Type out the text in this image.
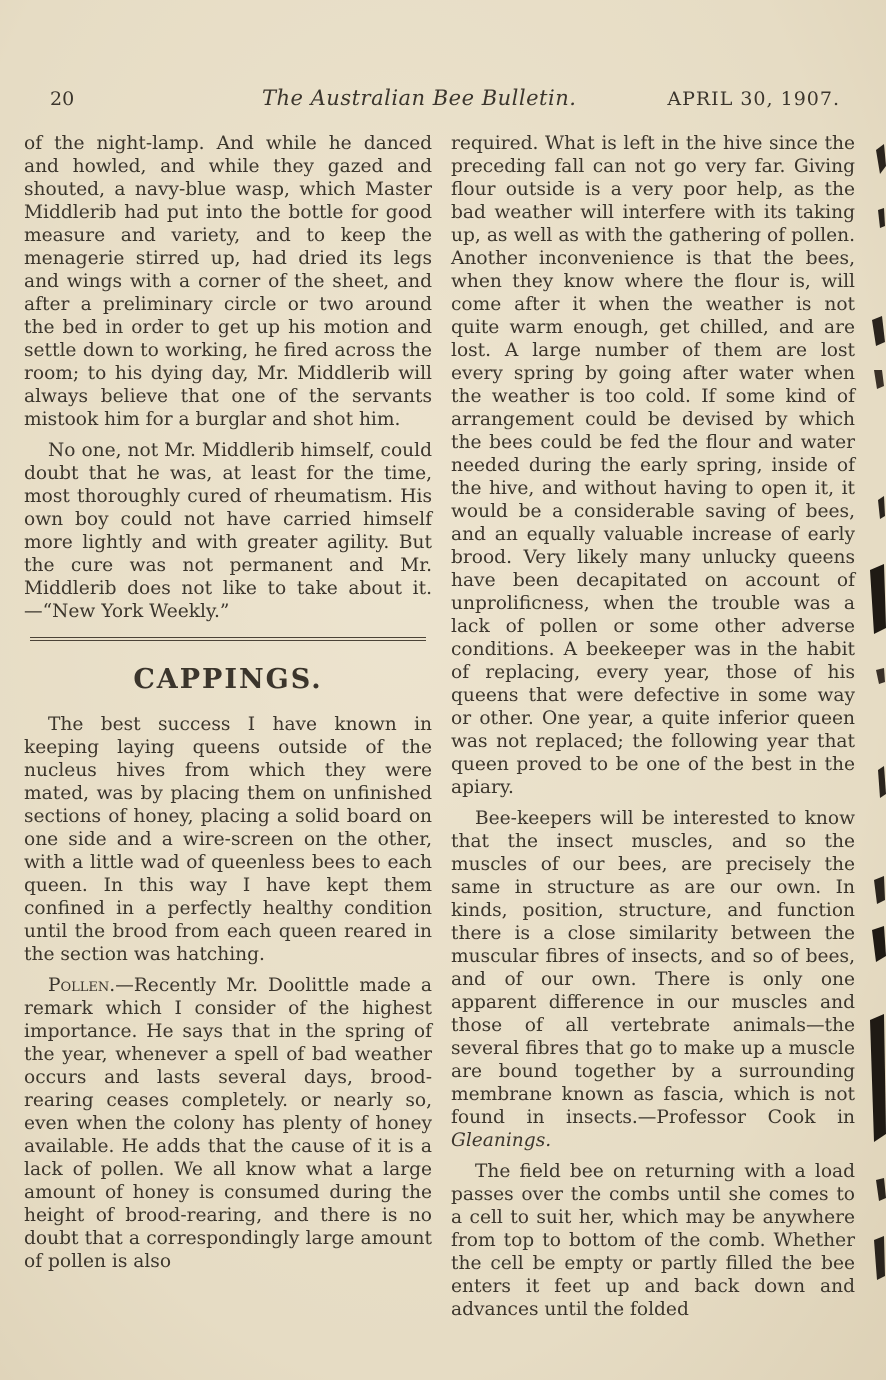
20	The Australian Bee Bulletin.	APRIL 30, 1907.

of the night-lamp. And while he danced and howled, and while they gazed and shouted, a navy-blue wasp, which Master Middlerib had put into the bottle for good measure and variety, and to keep the menagerie stirred up, had dried its legs and wings with a corner of the sheet, and after a preliminary circle or two around the bed in order to get up his motion and settle down to working, he fired across the room; to his dying day, Mr. Middlerib will always believe that one of the servants mistook him for a burglar and shot him.

No one, not Mr. Middlerib himself, could doubt that he was, at least for the time, most thoroughly cured of rheumatism. His own boy could not have carried himself more lightly and with greater agility. But the cure was not permanent and Mr. Middlerib does not like to take about it.—“New York Weekly.”

CAPPINGS.

The best success I have known in keeping laying queens outside of the nucleus hives from which they were mated, was by placing them on unfinished sections of honey, placing a solid board on one side and a wire-screen on the other, with a little wad of queenless bees to each queen. In this way I have kept them confined in a perfectly healthy condition until the brood from each queen reared in the section was hatching.

Pollen.—Recently Mr. Doolittle made a remark which I consider of the highest importance. He says that in the spring of the year, whenever a spell of bad weather occurs and lasts several days, brood-rearing ceases completely. or nearly so, even when the colony has plenty of honey available. He adds that the cause of it is a lack of pollen. We all know what a large amount of honey is consumed during the height of brood-rearing, and there is no doubt that a correspondingly large amount of pollen is also

required. What is left in the hive since the preceding fall can not go very far. Giving flour outside is a very poor help, as the bad weather will interfere with its taking up, as well as with the gathering of pollen. Another inconvenience is that the bees, when they know where the flour is, will come after it when the weather is not quite warm enough, get chilled, and are lost. A large number of them are lost every spring by going after water when the weather is too cold. If some kind of arrangement could be devised by which the bees could be fed the flour and water needed during the early spring, inside of the hive, and without having to open it, it would be a considerable saving of bees, and an equally valuable increase of early brood. Very likely many unlucky queens have been decapitated on account of unprolificness, when the trouble was a lack of pollen or some other adverse conditions. A beekeeper was in the habit of replacing, every year, those of his queens that were defective in some way or other. One year, a quite inferior queen was not replaced; the following year that queen proved to be one of the best in the apiary.

Bee-keepers will be interested to know that the insect muscles, and so the muscles of our bees, are precisely the same in structure as are our own. In kinds, position, structure, and function there is a close similarity between the muscular fibres of insects, and so of bees, and of our own. There is only one apparent difference in our muscles and those of all vertebrate animals—the several fibres that go to make up a muscle are bound together by a surrounding membrane known as fascia, which is not found in insects.—Professor Cook in Gleanings.

The field bee on returning with a load passes over the combs until she comes to a cell to suit her, which may be anywhere from top to bottom of the comb. Whether the cell be empty or partly filled the bee enters it feet up and back down and advances until the folded
